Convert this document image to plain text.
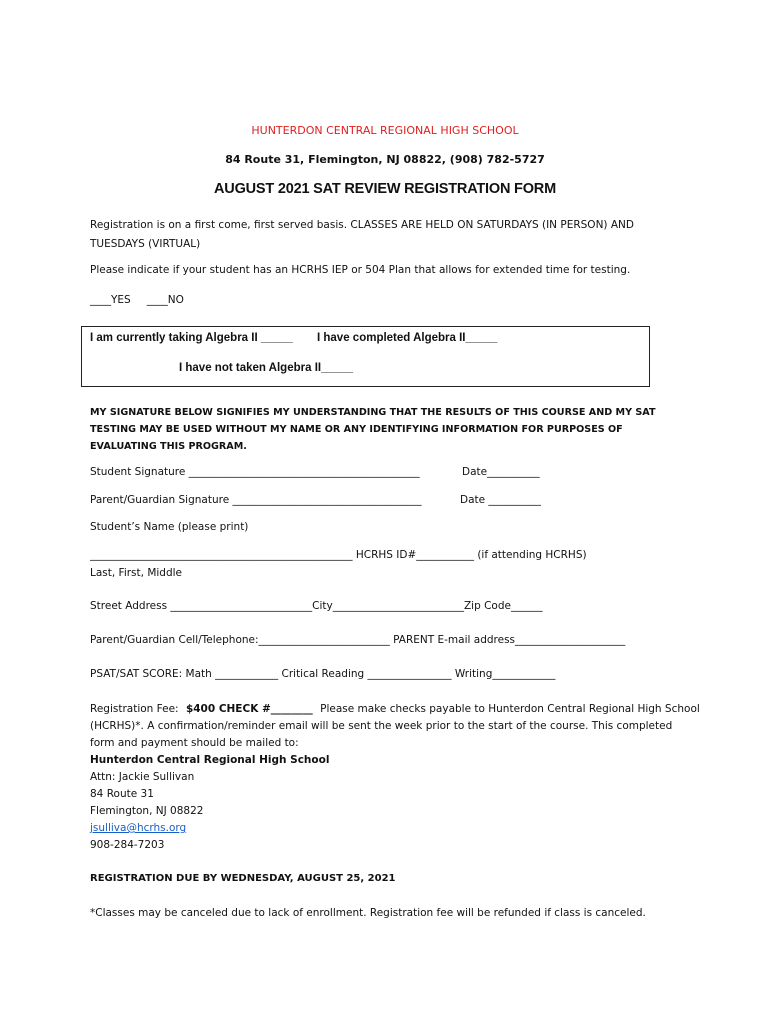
HUNTERDON CENTRAL REGIONAL HIGH SCHOOL
84 Route 31, Flemington, NJ 08822, (908) 782-5727
AUGUST 2021 SAT REVIEW REGISTRATION FORM
Registration is on a first come, first served basis. CLASSES ARE HELD ON SATURDAYS (IN PERSON) AND TUESDAYS (VIRTUAL)
Please indicate if your student has an HCRHS IEP or 504 Plan that allows for extended time for testing.
____YES ____NO
I am currently taking Algebra II _____ I have completed Algebra II_____
I have not taken Algebra II_____
MY SIGNATURE BELOW SIGNIFIES MY UNDERSTANDING THAT THE RESULTS OF THIS COURSE AND MY SAT TESTING MAY BE USED WITHOUT MY NAME OR ANY IDENTIFYING INFORMATION FOR PURPOSES OF EVALUATING THIS PROGRAM.
Student Signature ____________________________________________	Date__________
Parent/Guardian Signature ____________________________________	Date __________
Student’s Name (please print)
__________________________________________________ HCRHS ID#___________ (if attending HCRHS)
Last, First, Middle
Street Address ___________________________City_________________________Zip Code______
Parent/Guardian Cell/Telephone:_________________________ PARENT E-mail address_____________________
PSAT/SAT SCORE: Math ____________ Critical Reading ________________ Writing____________
Registration Fee: $400 CHECK #________ Please make checks payable to Hunterdon Central Regional High School
(HCRHS)*. A confirmation/reminder email will be sent the week prior to the start of the course. This completed
form and payment should be mailed to:
Hunterdon Central Regional High School
Attn: Jackie Sullivan
84 Route 31
Flemington, NJ 08822
jsulliva@hcrhs.org
908-284-7203
REGISTRATION DUE BY WEDNESDAY, AUGUST 25, 2021
*Classes may be canceled due to lack of enrollment. Registration fee will be refunded if class is canceled.
